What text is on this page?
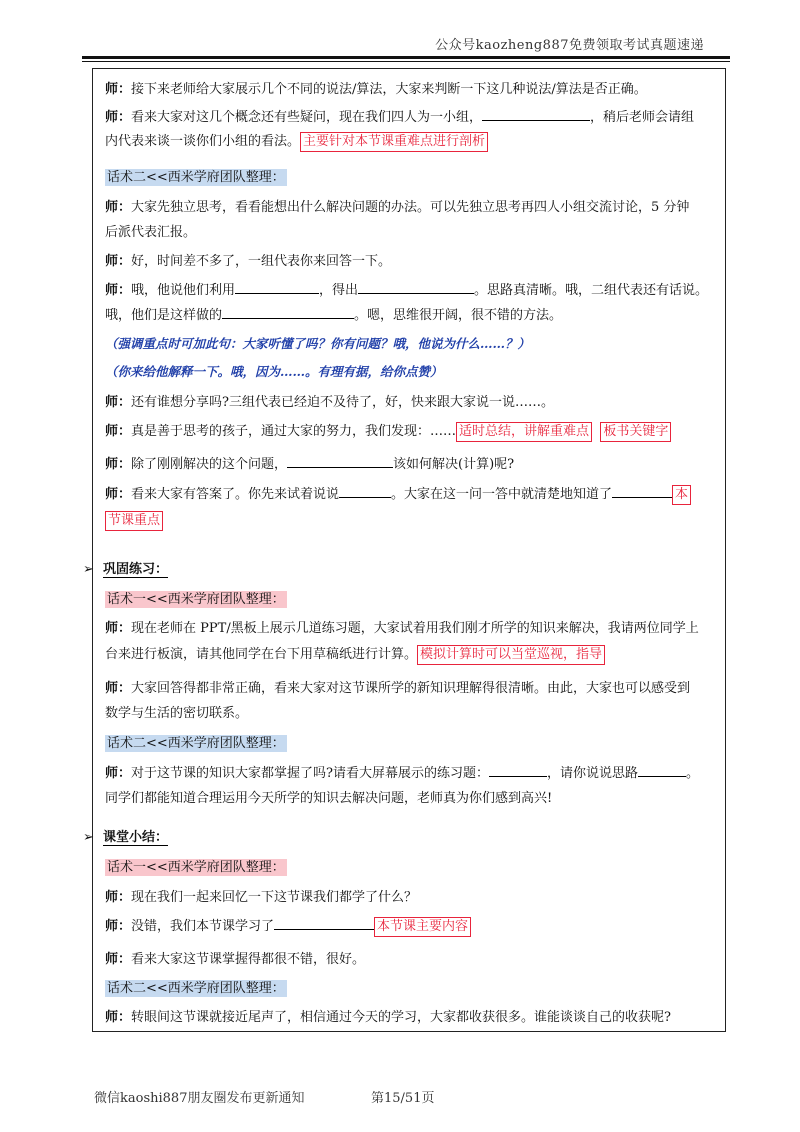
公众号kaozheng887免费领取考试真题速递
师：接下来老师给大家展示几个不同的说法/算法，大家来判断一下这几种说法/算法是否正确。
师：看来大家对这几个概念还有些疑问，现在我们四人为一小组，	，稍后老师会请组
内代表来谈一谈你们小组的看法。 主要针对本节课重难点进行剖析
话术二<<西米学府团队整理：
师：大家先独立思考，看看能想出什么解决问题的办法。可以先独立思考再四人小组交流讨论，5 分钟
后派代表汇报。
师：好，时间差不多了，一组代表你来回答一下。
师：哦，他说他们利用	，得出	。思路真清晰。哦，二组代表还有话说。
哦，他们是这样做的	。嗯，思维很开阔，很不错的方法。
（强调重点时可加此句：大家听懂了吗？你有问题？哦，他说为什么……？）
（你来给他解释一下。哦，因为……。有理有据，给你点赞）
师：还有谁想分享吗?三组代表已经迫不及待了，好，快来跟大家说一说……。
师：真是善于思考的孩子，通过大家的努力，我们发现：…… 适时总结，讲解重难点 板书关键字
师：除了刚刚解决的这个问题，	该如何解决(计算)呢?
师：看来大家有答案了。你先来试着说说	。大家在这一问一答中就清楚地知道了	本
节课重点
➢ 巩固练习：
话术一<<西米学府团队整理：
师：现在老师在 PPT/黑板上展示几道练习题，大家试着用我们刚才所学的知识来解决，我请两位同学上
台来进行板演，请其他同学在台下用草稿纸进行计算。 模拟计算时可以当堂巡视，指导
师：大家回答得都非常正确，看来大家对这节课所学的新知识理解得很清晰。由此，大家也可以感受到
数学与生活的密切联系。
话术二<<西米学府团队整理：
师：对于这节课的知识大家都掌握了吗?请看大屏幕展示的练习题：	，请你说说思路	。
同学们都能知道合理运用今天所学的知识去解决问题，老师真为你们感到高兴!
➢ 课堂小结：
话术一<<西米学府团队整理：
师：现在我们一起来回忆一下这节课我们都学了什么？
师：没错，我们本节课学习了	本节课主要内容
师：看来大家这节课掌握得都很不错，很好。
话术二<<西米学府团队整理：
师：转眼间这节课就接近尾声了，相信通过今天的学习，大家都收获很多。谁能谈谈自己的收获呢?
微信kaoshi887朋友圈发布更新通知	第15/51页
